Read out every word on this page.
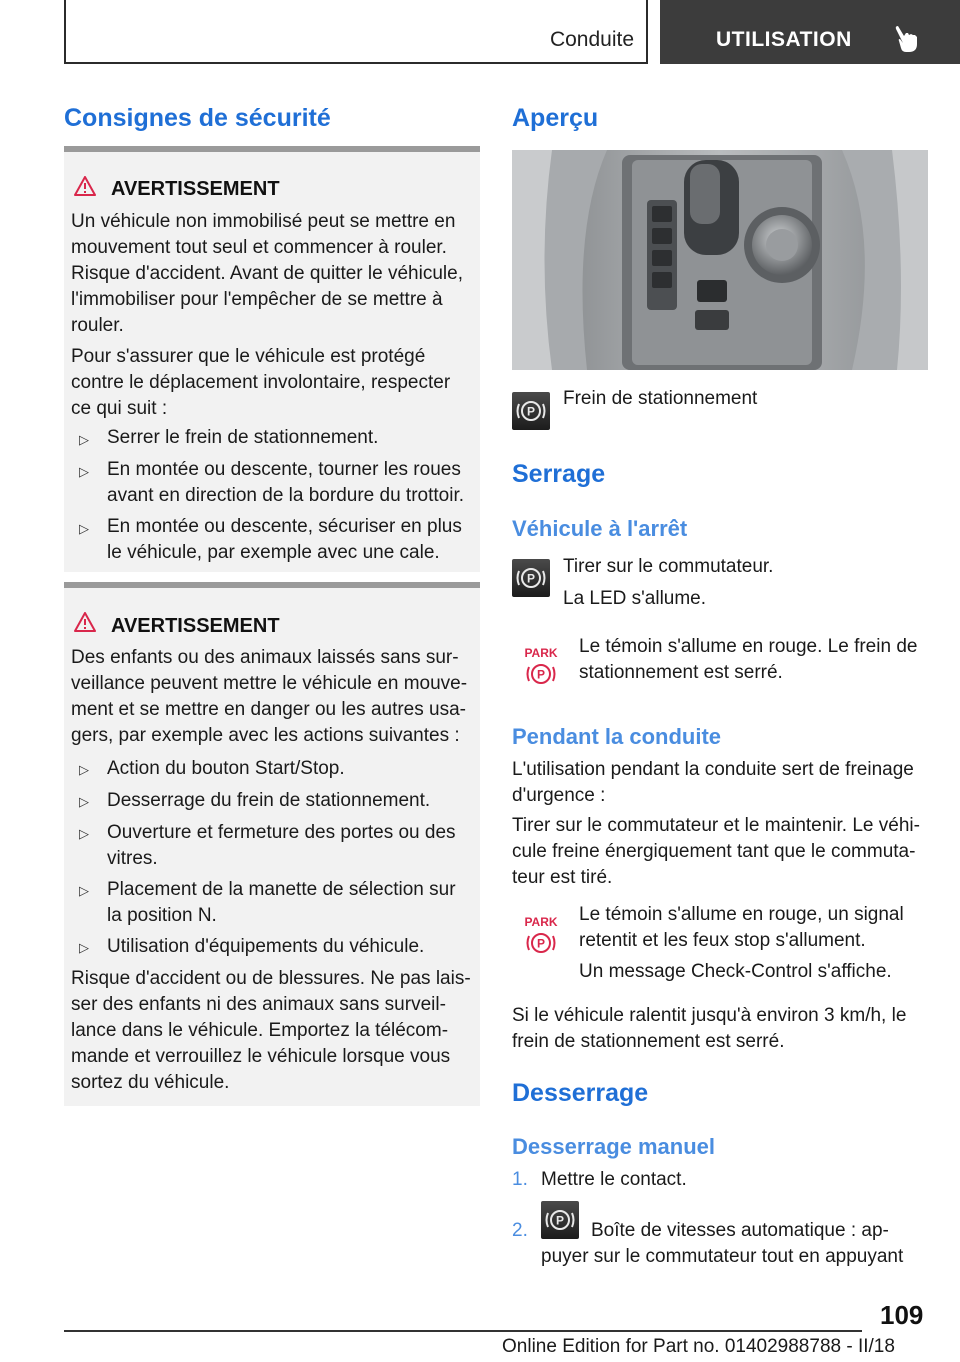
Conduite	UTILISATION
Consignes de sécurité
AVERTISSEMENT
Un véhicule non immobilisé peut se mettre en
mouvement tout seul et commencer à rouler.
Risque d'accident. Avant de quitter le véhicule,
l'immobiliser pour l'empêcher de se mettre à
rouler.
Pour s'assurer que le véhicule est protégé
contre le déplacement involontaire, respecter
ce qui suit :
▷ Serrer le frein de stationnement.
▷ En montée ou descente, tourner les roues
avant en direction de la bordure du trottoir.
▷ En montée ou descente, sécuriser en plus
le véhicule, par exemple avec une cale.
AVERTISSEMENT
Des enfants ou des animaux laissés sans sur-
veillance peuvent mettre le véhicule en mouve-
ment et se mettre en danger ou les autres usa-
gers, par exemple avec les actions suivantes :
▷ Action du bouton Start/Stop.
▷ Desserrage du frein de stationnement.
▷ Ouverture et fermeture des portes ou des
vitres.
▷ Placement de la manette de sélection sur
la position N.
▷ Utilisation d'équipements du véhicule.
Risque d'accident ou de blessures. Ne pas lais-
ser des enfants ni des animaux sans surveil-
lance dans le véhicule. Emportez la télécom-
mande et verrouillez le véhicule lorsque vous
sortez du véhicule.
Aperçu
P
Frein de stationnement
Serrage
Véhicule à l'arrêt
P
Tirer sur le commutateur.
La LED s'allume.
PARK
P
Le témoin s'allume en rouge. Le frein de
stationnement est serré.
Pendant la conduite
L'utilisation pendant la conduite sert de freinage
d'urgence :
Tirer sur le commutateur et le maintenir. Le véhi-
cule freine énergiquement tant que le commuta-
teur est tiré.
PARK
P
Le témoin s'allume en rouge, un signal
retentit et les feux stop s'allument.
Un message Check-Control s'affiche.
Si le véhicule ralentit jusqu'à environ 3 km/h, le
frein de stationnement est serré.
Desserrage
Desserrage manuel
1. Mettre le contact.
2. P Boîte de vitesses automatique : ap-
puyer sur le commutateur tout en appuyant
109
Online Edition for Part no. 01402988788 - II/18
